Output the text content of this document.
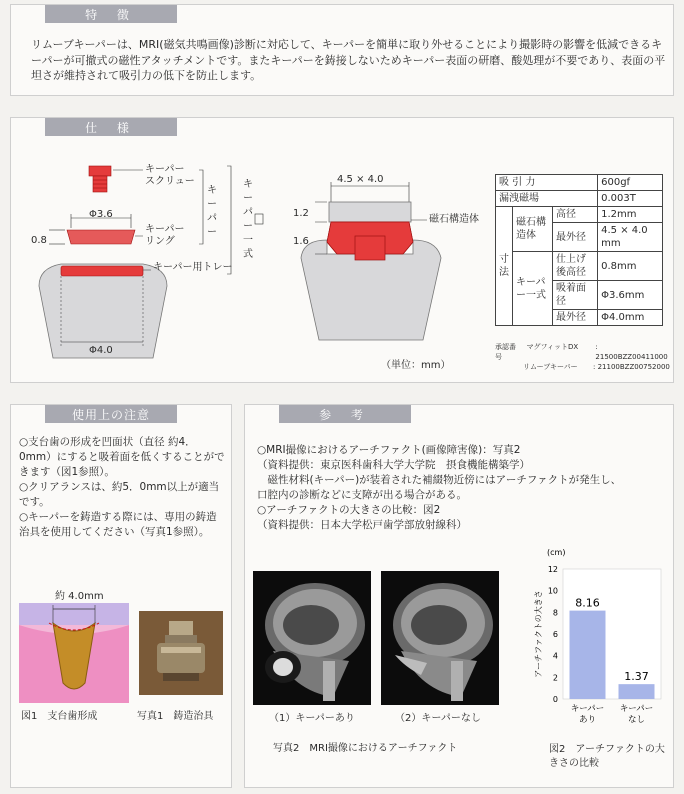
特 徴
リムーブキーパーは、MRI(磁気共鳴画像)診断に対応して、キーパーを簡単に取り外せることにより撮影時の影響を低減できるキーパーが可撤式の磁性アタッチメントです。またキーパーを鋳接しないためキーパー表面の研磨、酸処理が不要であり、表面の平坦さが維持されて吸引力の低下を防止します。
仕 様
Φ3.6
0.8
Φ4.0
キーパー
スクリュー
キーパー
リング
キーパー用トレー
キーパー
キーパー一式
4.5 × 4.0
1.2
1.6
磁石構造体
（単位：mm）
吸 引 力			600gf
漏洩磁場			0.003T
寸法	磁石構造体	高径	1.2mm
		最外径	4.5 × 4.0 mm
	キーパー一式	仕上げ後高径	0.8mm
		吸着面径	Φ3.6mm
		最外径	Φ4.0mm
承認番号
マグフィットDX	: 21500BZZ00411000
リムーブキーパー	: 21100BZZ00752000
使用上の注意
○支台歯の形成を凹面状（直径 約4．0mm）にすると吸着面を低くすることができます（図1参照）。
○クリアランスは、約5．0mm以上が適当です。
○キーパーを鋳造する際には、専用の鋳造治具を使用してください（写真1参照）。
約 4.0mm
図1　支台歯形成	写真1　鋳造治具
参 考
○MRI撮像におけるアーチファクト(画像障害像)：写真2
（資料提供：東京医科歯科大学大学院　摂食機能構築学）
　磁性材料(キーパー)が装着された補綴物近傍にはアーチファクトが発生し、
口腔内の診断などに支障が出る場合がある。
○アーチファクトの大きさの比較：図2
（資料提供：日本大学松戸歯学部放射線科）
（1）キーパーあり	（2）キーパーなし
写真2　MRI撮像におけるアーチファクト
0
2
4
6
8
10
12
(cm)
アーチファクトの大きさ	8.16
キーパー
あり
1.37
キーパー
なし
図2　アーチファクトの大きさの比較
